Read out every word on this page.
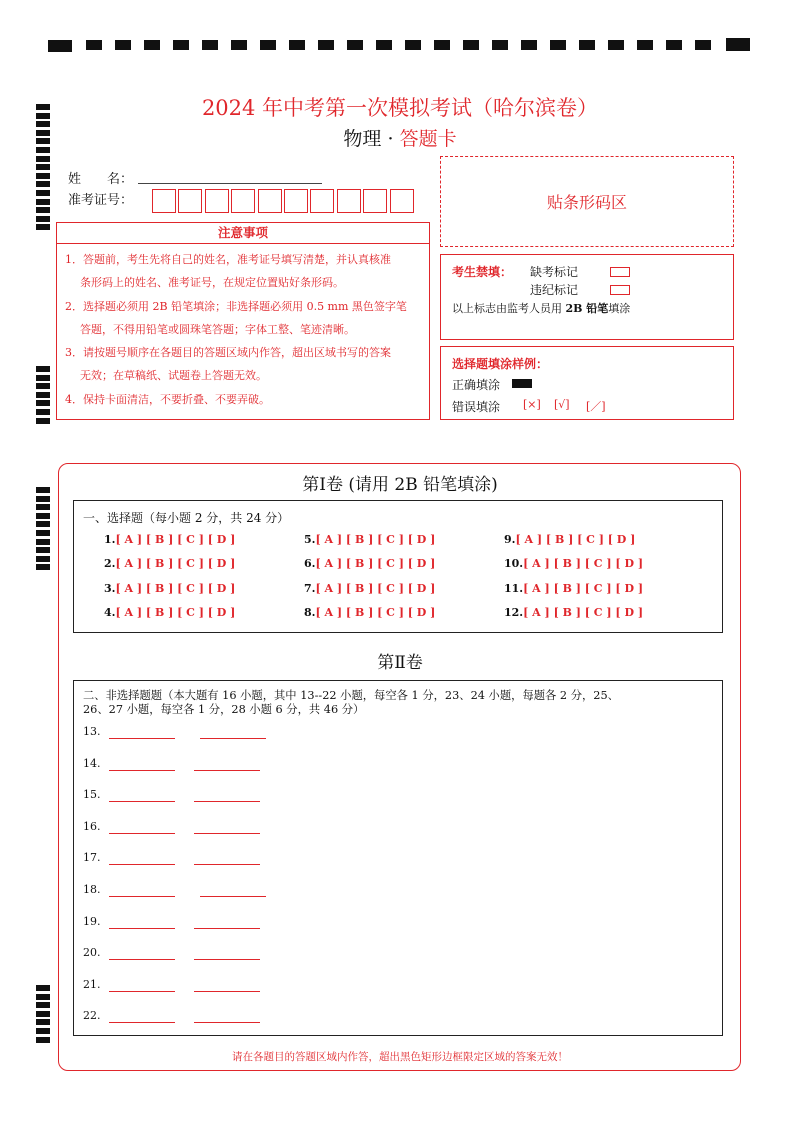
2024 年中考第一次模拟考试（哈尔滨卷）
物理 · 答题卡
姓　　名：
准考证号：	贴条形码区
注意事项
1．答题前，考生先将自己的姓名，准考证号填写清楚，并认真核准
条形码上的姓名、准考证号，在规定位置贴好条形码。
2．选择题必须用 2B 铅笔填涂；非选择题必须用 0.5 mm 黑色签字笔
答题，不得用铅笔或圆珠笔答题；字体工整、笔迹清晰。
3．请按题号顺序在各题目的答题区域内作答，超出区域书写的答案
无效；在草稿纸、试题卷上答题无效。
4．保持卡面清洁，不要折叠、不要弄破。
考生禁填： 缺考标记
违纪标记
以上标志由监考人员用 2B 铅笔填涂
选择题填涂样例：
正确填涂
错误填涂 [×] [√] [／]
第Ⅰ卷 (请用 2B 铅笔填涂)
一、选择题（每小题 2 分，共 24 分）
1.[ A ] [ B ] [ C ] [ D ]
2.[ A ] [ B ] [ C ] [ D ]
3.[ A ] [ B ] [ C ] [ D ]
4.[ A ] [ B ] [ C ] [ D ]
5.[ A ] [ B ] [ C ] [ D ]
6.[ A ] [ B ] [ C ] [ D ]
7.[ A ] [ B ] [ C ] [ D ]
8.[ A ] [ B ] [ C ] [ D ]
9.[ A ] [ B ] [ C ] [ D ]
10.[ A ] [ B ] [ C ] [ D ]
11.[ A ] [ B ] [ C ] [ D ]
12.[ A ] [ B ] [ C ] [ D ]
第Ⅱ卷
二、非选择题题（本大题有 16 小题，其中 13--22 小题，每空各 1 分，23、24 小题，每题各 2 分，25、
26、27 小题，每空各 1 分，28 小题 6 分，共 46 分）
13.
14.
15.
16.
17.
18.
19.
20.
21.
22.
请在各题目的答题区域内作答，超出黑色矩形边框限定区域的答案无效！
